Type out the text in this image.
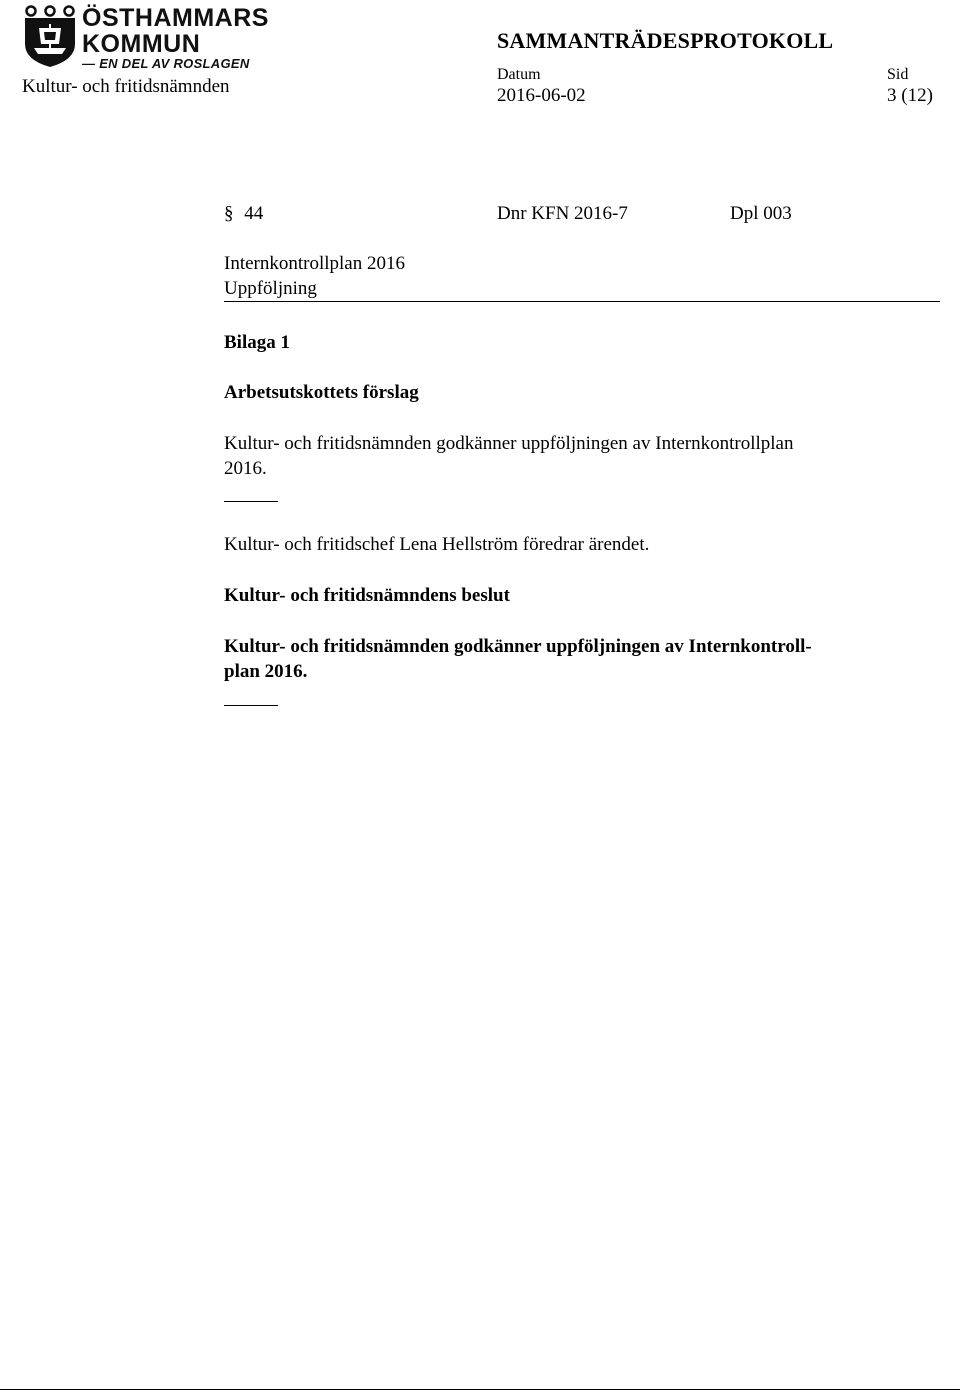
ÖSTHAMMARS
KOMMUN
— EN DEL AV ROSLAGEN
Kultur- och fritidsnämnden
SAMMANTRÄDESPROTOKOLL
Datum
2016-06-02
Sid
3 (12)
§ 44	Dnr KFN 2016-7	Dpl 003
Internkontrollplan 2016
Uppföljning
Bilaga 1
Arbetsutskottets förslag
Kultur- och fritidsnämnden godkänner uppföljningen av Internkontrollplan
2016.
Kultur- och fritidschef Lena Hellström föredrar ärendet.
Kultur- och fritidsnämndens beslut
Kultur- och fritidsnämnden godkänner uppföljningen av Internkontroll-
plan 2016.
